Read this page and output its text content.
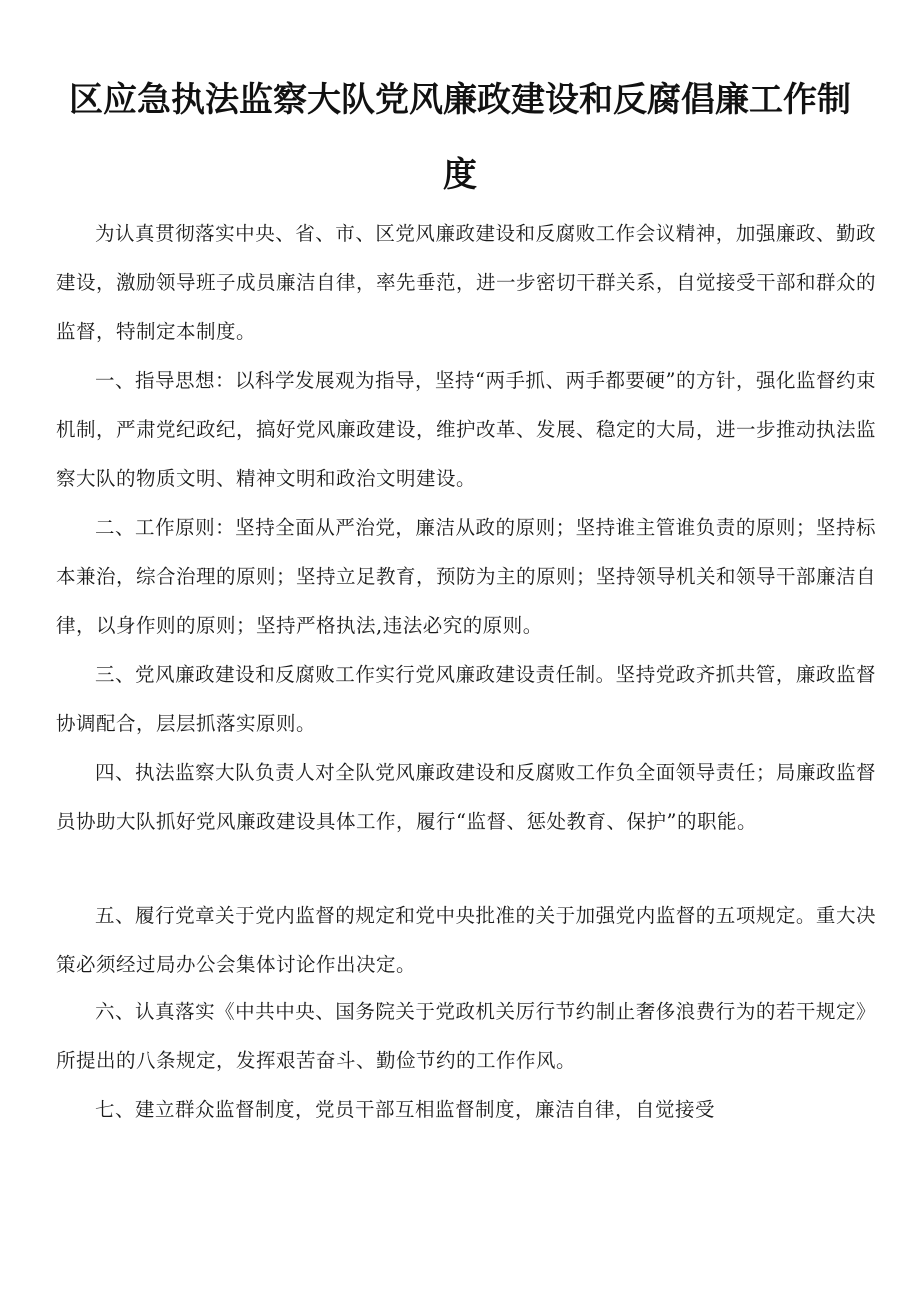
区应急执法监察大队党风廉政建设和反腐倡廉工作制
度

为认真贯彻落实中央、省、市、区党风廉政建设和反腐败工作会议精神，加强廉政、勤政建设，激励领导班子成员廉洁自律，率先垂范，进一步密切干群关系，自觉接受干部和群众的监督，特制定本制度。

一、指导思想：以科学发展观为指导，坚持“两手抓、两手都要硬”的方针，强化监督约束机制，严肃党纪政纪，搞好党风廉政建设，维护改革、发展、稳定的大局，进一步推动执法监察大队的物质文明、精神文明和政治文明建设。

二、工作原则：坚持全面从严治党，廉洁从政的原则；坚持谁主管谁负责的原则；坚持标本兼治，综合治理的原则；坚持立足教育，预防为主的原则；坚持领导机关和领导干部廉洁自律，以身作则的原则；坚持严格执法,违法必究的原则。

三、党风廉政建设和反腐败工作实行党风廉政建设责任制。坚持党政齐抓共管，廉政监督协调配合，层层抓落实原则。

四、执法监察大队负责人对全队党风廉政建设和反腐败工作负全面领导责任；局廉政监督员协助大队抓好党风廉政建设具体工作，履行“监督、惩处教育、保护”的职能。

五、履行党章关于党内监督的规定和党中央批准的关于加强党内监督的五项规定。重大决策必须经过局办公会集体讨论作出决定。

六、认真落实《中共中央、国务院关于党政机关厉行节约制止奢侈浪费行为的若干规定》所提出的八条规定，发挥艰苦奋斗、勤俭节约的工作作风。

七、建立群众监督制度，党员干部互相监督制度，廉洁自律，自觉接受
